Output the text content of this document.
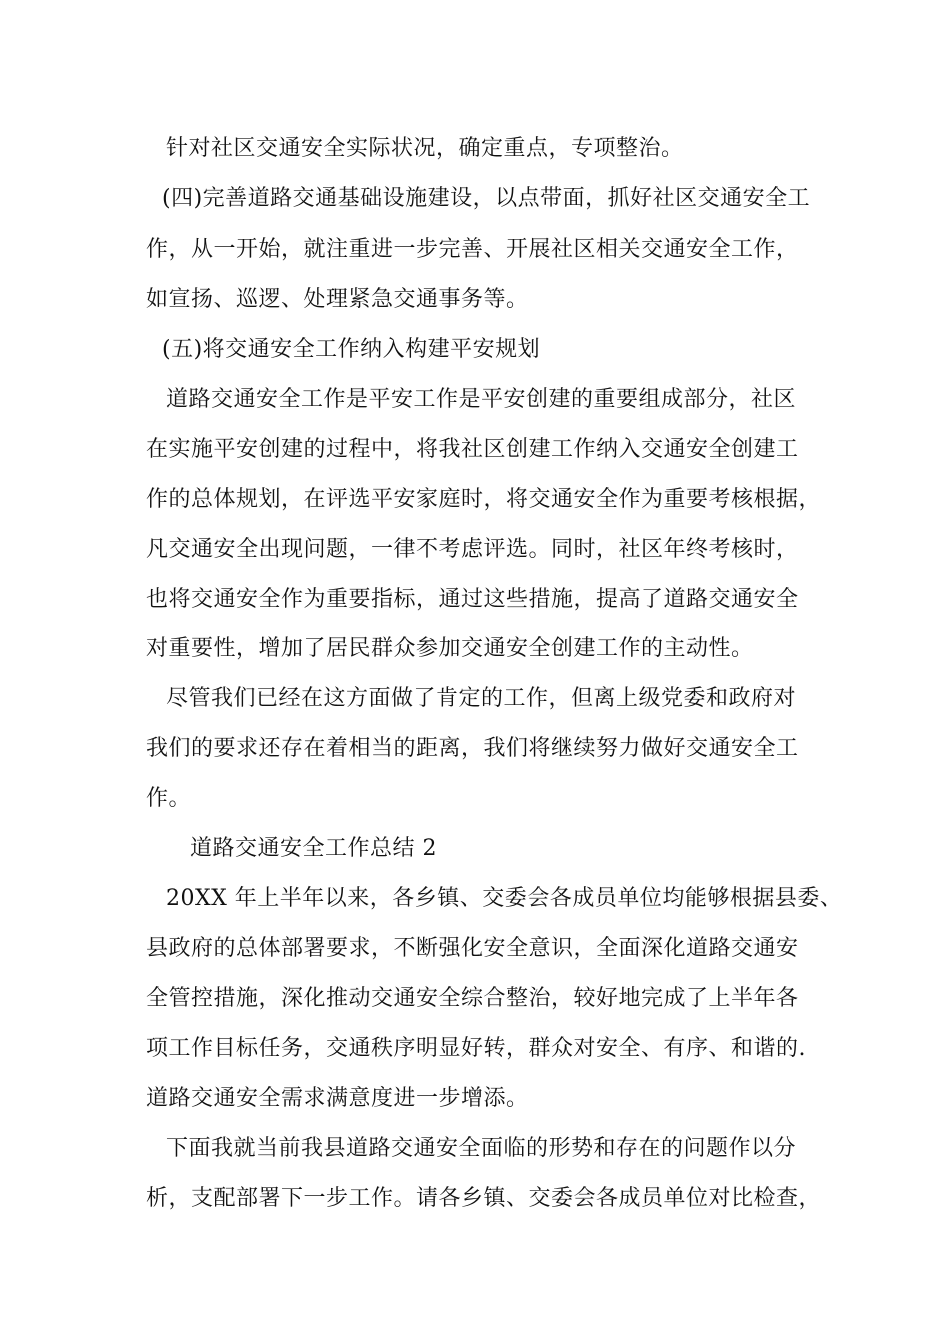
针对社区交通安全实际状况，确定重点，专项整治。
(四)完善道路交通基础设施建设，以点带面，抓好社区交通安全工
作，从一开始，就注重进一步完善、开展社区相关交通安全工作，
如宣扬、巡逻、处理紧急交通事务等。
(五)将交通安全工作纳入构建平安规划
道路交通安全工作是平安工作是平安创建的重要组成部分，社区
在实施平安创建的过程中，将我社区创建工作纳入交通安全创建工
作的总体规划，在评选平安家庭时，将交通安全作为重要考核根据，
凡交通安全出现问题，一律不考虑评选。同时，社区年终考核时，
也将交通安全作为重要指标，通过这些措施，提高了道路交通安全
对重要性，增加了居民群众参加交通安全创建工作的主动性。
尽管我们已经在这方面做了肯定的工作，但离上级党委和政府对
我们的要求还存在着相当的距离，我们将继续努力做好交通安全工
作。
道路交通安全工作总结 2
20XX 年上半年以来，各乡镇、交委会各成员单位均能够根据县委、
县政府的总体部署要求，不断强化安全意识，全面深化道路交通安
全管控措施，深化推动交通安全综合整治，较好地完成了上半年各
项工作目标任务，交通秩序明显好转，群众对安全、有序、和谐的.
道路交通安全需求满意度进一步增添。
下面我就当前我县道路交通安全面临的形势和存在的问题作以分
析，支配部署下一步工作。请各乡镇、交委会各成员单位对比检查，
